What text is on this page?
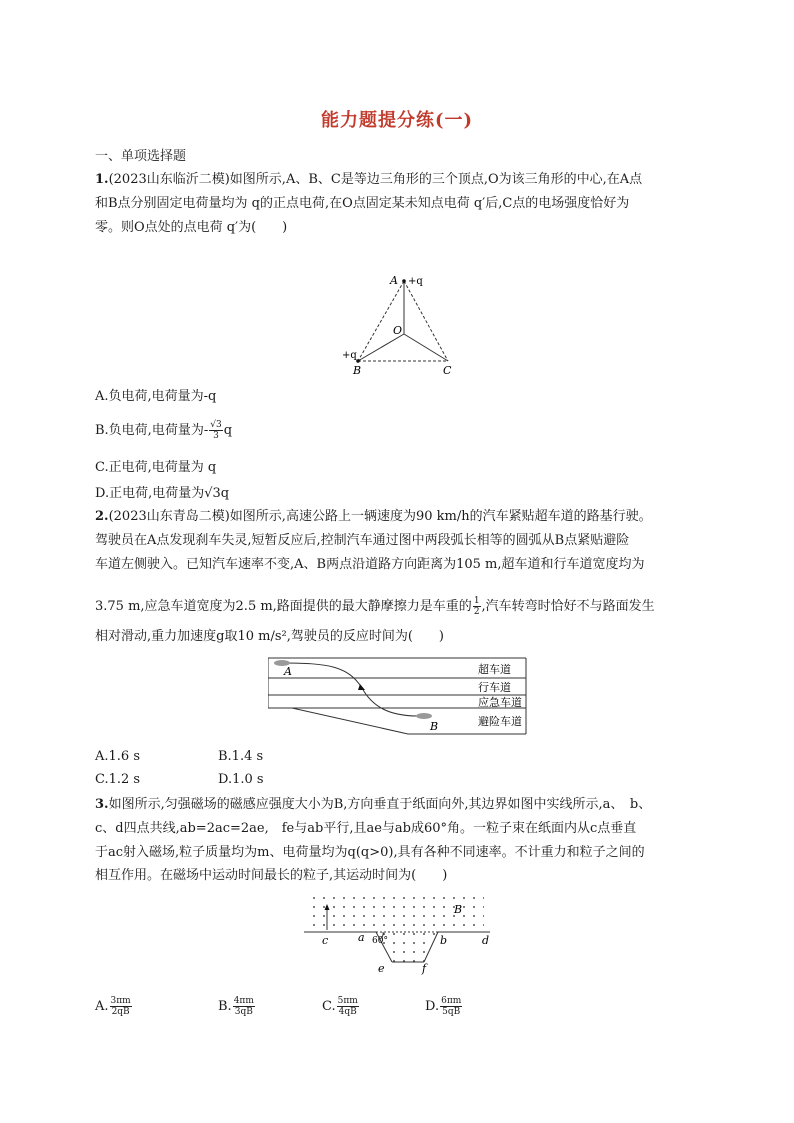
能力题提分练(一)
一、单项选择题
1.(2023山东临沂二模)如图所示,A、B、C是等边三角形的三个顶点,O为该三角形的中心,在A点
和B点分别固定电荷量均为 q的正点电荷,在O点固定某未知点电荷 q′后,C点的电场强度恰好为
零。则O点处的点电荷 q′为(　　)
A +q
O
+q
B	C
A.负电荷,电荷量为-q
B.负电荷,电荷量为- $\frac{√3}{3}$ q
C.正电荷,电荷量为 q
D.正电荷,电荷量为√3q
2.(2023山东青岛二模)如图所示,高速公路上一辆速度为90 km/h的汽车紧贴超车道的路基行驶。
驾驶员在A点发现刹车失灵,短暂反应后,控制汽车通过图中两段弧长相等的圆弧从B点紧贴避险
车道左侧驶入。已知汽车速率不变,A、B两点沿道路方向距离为105 m,超车道和行车道宽度均为
3.75 m,应急车道宽度为2.5 m,路面提供的最大静摩擦力是车重的 $\frac{1}{2}$ ,汽车转弯时恰好不与路面发生
相对滑动,重力加速度g取10 m/s²,驾驶员的反应时间为(　　)
A
B
超车道
行车道
应急车道
避险车道
A.1.6 s	B.1.4 s
C.1.2 s	D.1.0 s
3.如图所示,匀强磁场的磁感应强度大小为B,方向垂直于纸面向外,其边界如图中实线所示,a、　b、
c、d四点共线,ab=2ac=2ae,　fe与ab平行,且ae与ab成60°角。一粒子束在纸面内从c点垂直
于ac射入磁场,粒子质量均为m、电荷量均为q(q>0),具有各种不同速率。不计重力和粒子之间的
相互作用。在磁场中运动时间最长的粒子,其运动时间为(　　)
B
c	a 60°	b	d
e	f
A. $\frac{3\pi m}{2qB}$	B. $\frac{4\pi m}{3qB}$	C. $\frac{5\pi m}{4qB}$	D. $\frac{6\pi m}{5qB}$
